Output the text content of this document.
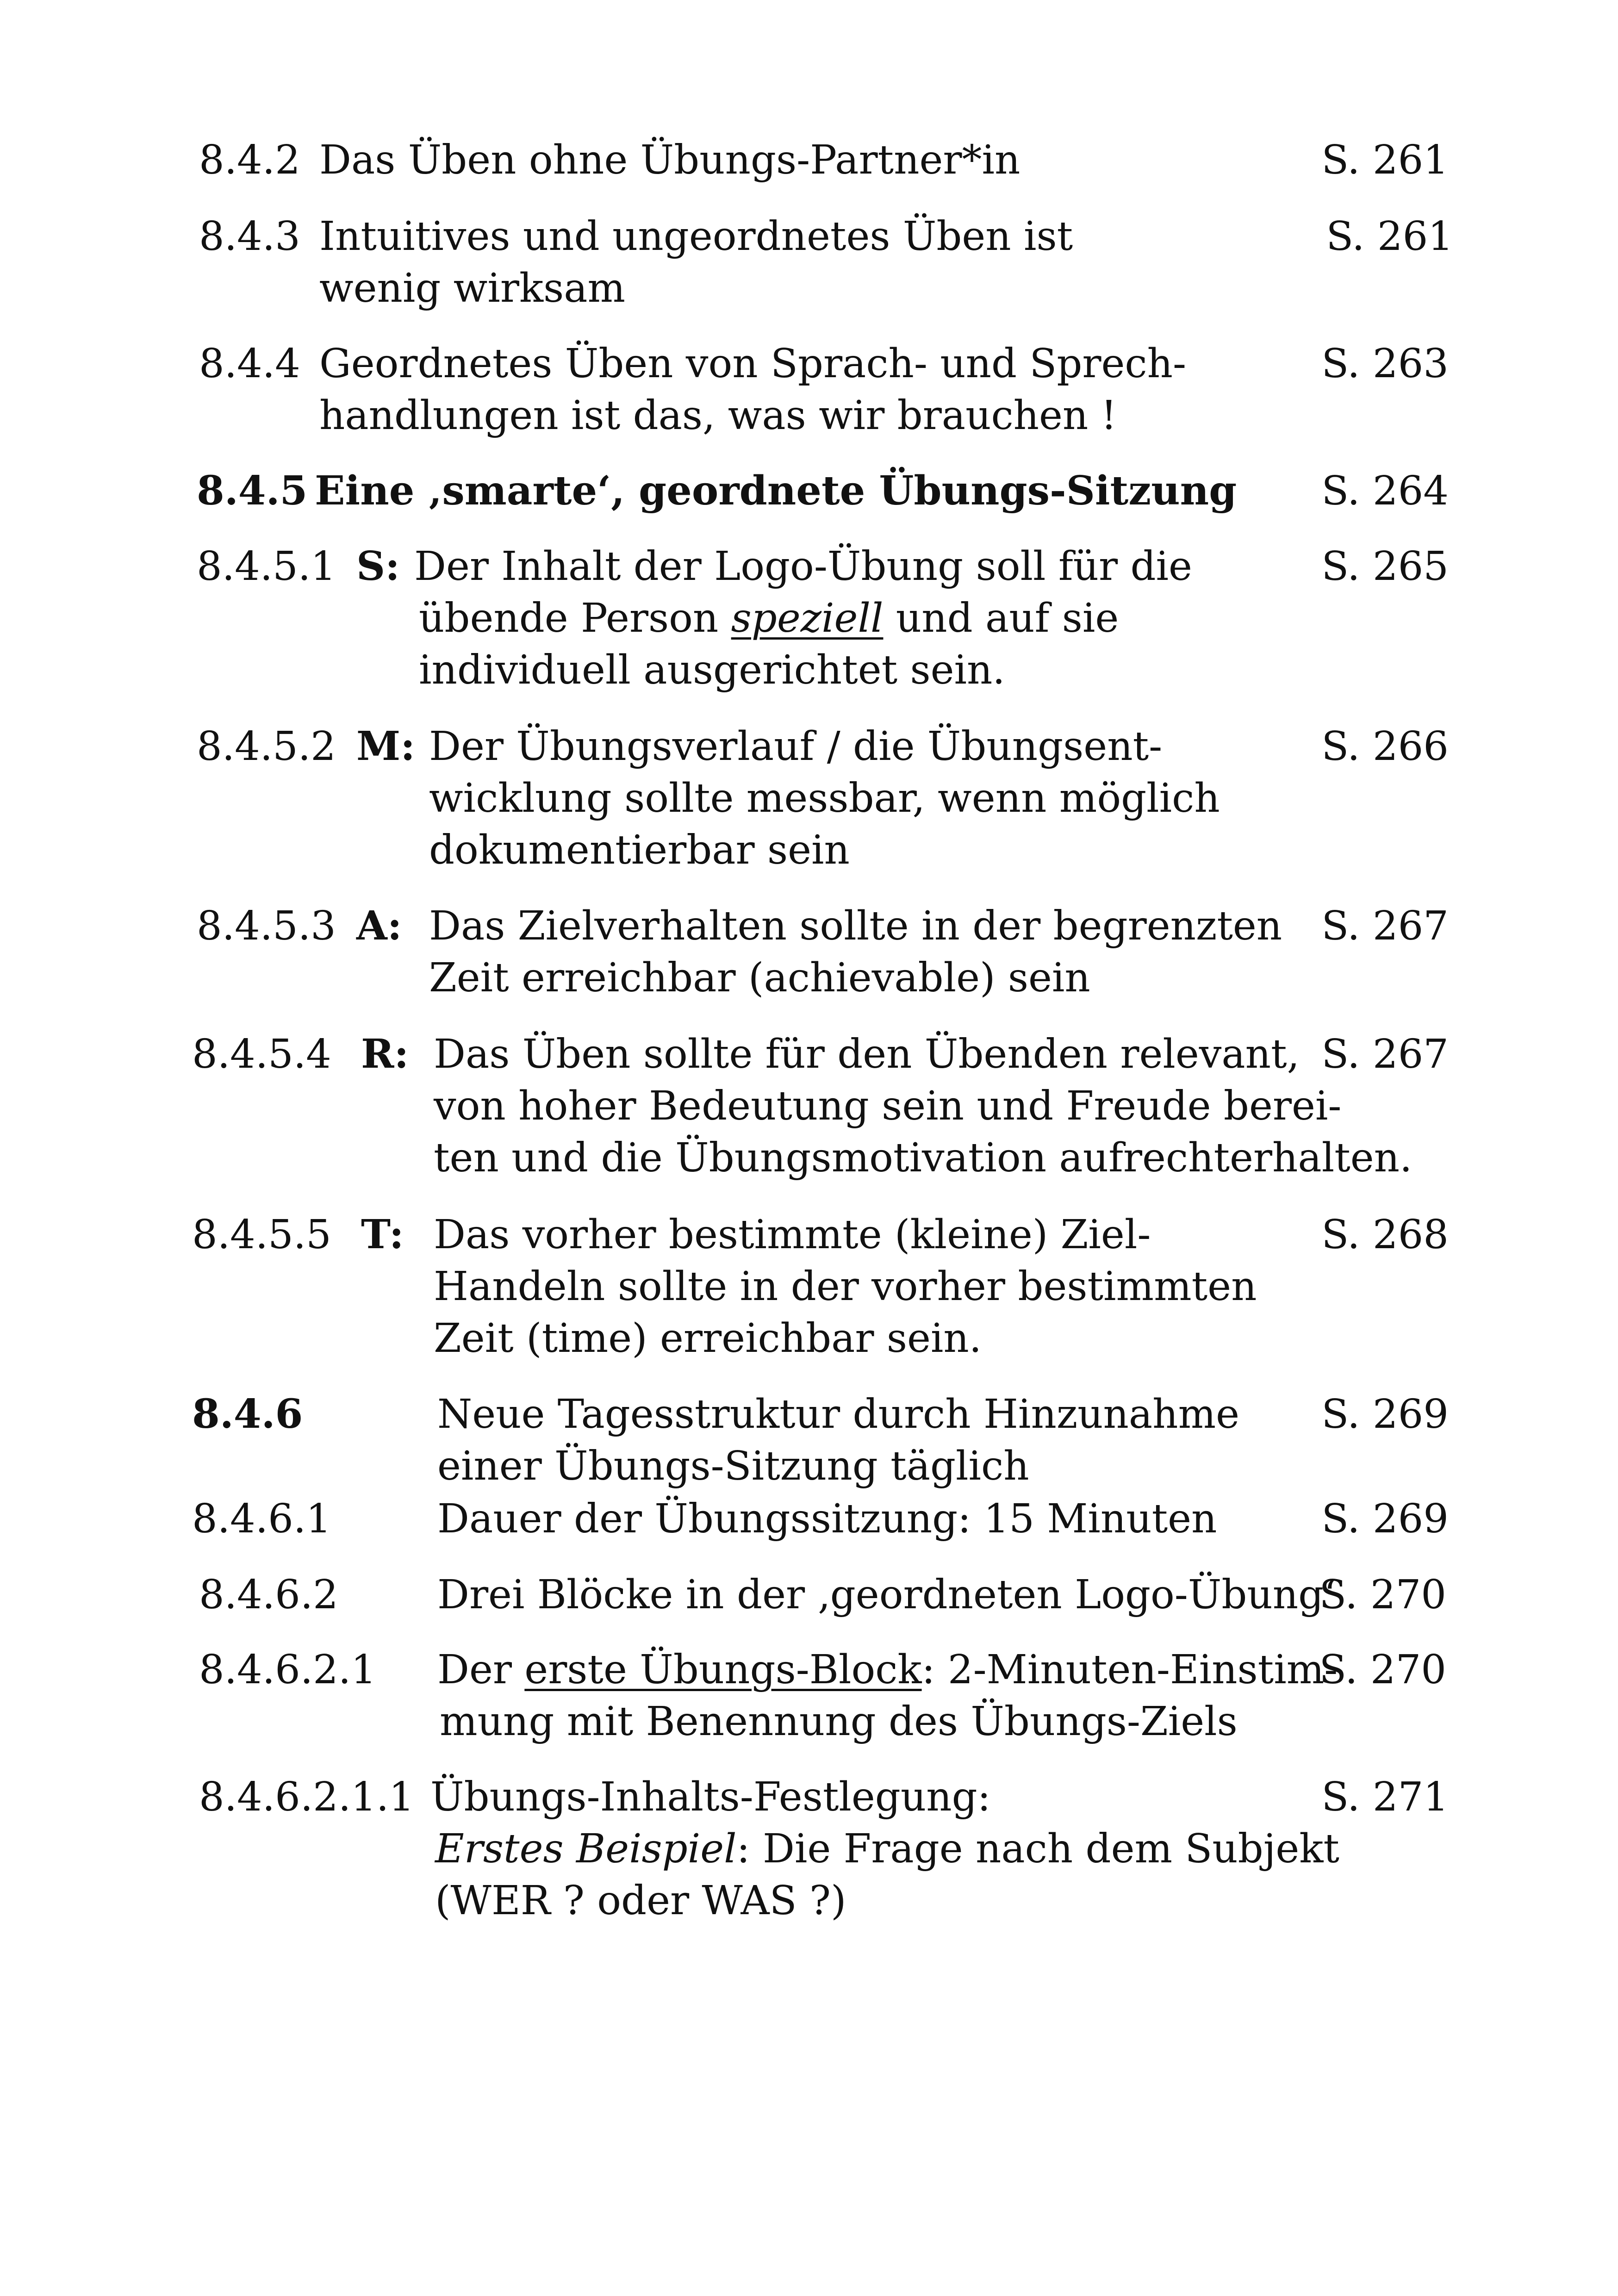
8.4.2 Das Üben ohne Übungs-Partner*in	S. 261
8.4.3 Intuitives und ungeordnetes Üben ist
wenig wirksam
S. 261
8.4.4 Geordnetes Üben von Sprach- und Sprech-
handlungen ist das, was wir brauchen !
S. 263
8.4.5 Eine ‚smarte‘, geordnete Übungs-Sitzung S. 264
8.4.5.1 S: Der Inhalt der Logo-Übung soll für die
übende Person speziell und auf sie
individuell ausgerichtet sein.
S. 265
8.4.5.2 M: Der Übungsverlauf / die Übungsent-
wicklung sollte messbar, wenn möglich
dokumentierbar sein
S. 266
8.4.5.3 A: Das Zielverhalten sollte in der begrenzten
Zeit erreichbar (achievable) sein
S. 267
8.4.5.4 R: Das Üben sollte für den Übenden relevant,
von hoher Bedeutung sein und Freude berei-
ten und die Übungsmotivation aufrechterhalten.
S. 267
8.4.5.5 T: Das vorher bestimmte (kleine) Ziel-
Handeln sollte in der vorher bestimmten
Zeit (time) erreichbar sein.
S. 268
8.4.6	Neue Tagesstruktur durch Hinzunahme
einer Übungs-Sitzung täglich
S. 269
8.4.6.1	Dauer der Übungssitzung: 15 Minuten	S. 269
8.4.6.2 Drei Blöcke in der ‚geordneten Logo-Übung‘
S. 270
8.4.6.2.1 Der erste Übungs-Block: 2-Minuten-Einstim-
mung mit Benennung des Übungs-Ziels
S. 270
8.4.6.2.1.1 Übungs-Inhalts-Festlegung:
Erstes Beispiel: Die Frage nach dem Subjekt
(WER ? oder WAS ?)
S. 271
